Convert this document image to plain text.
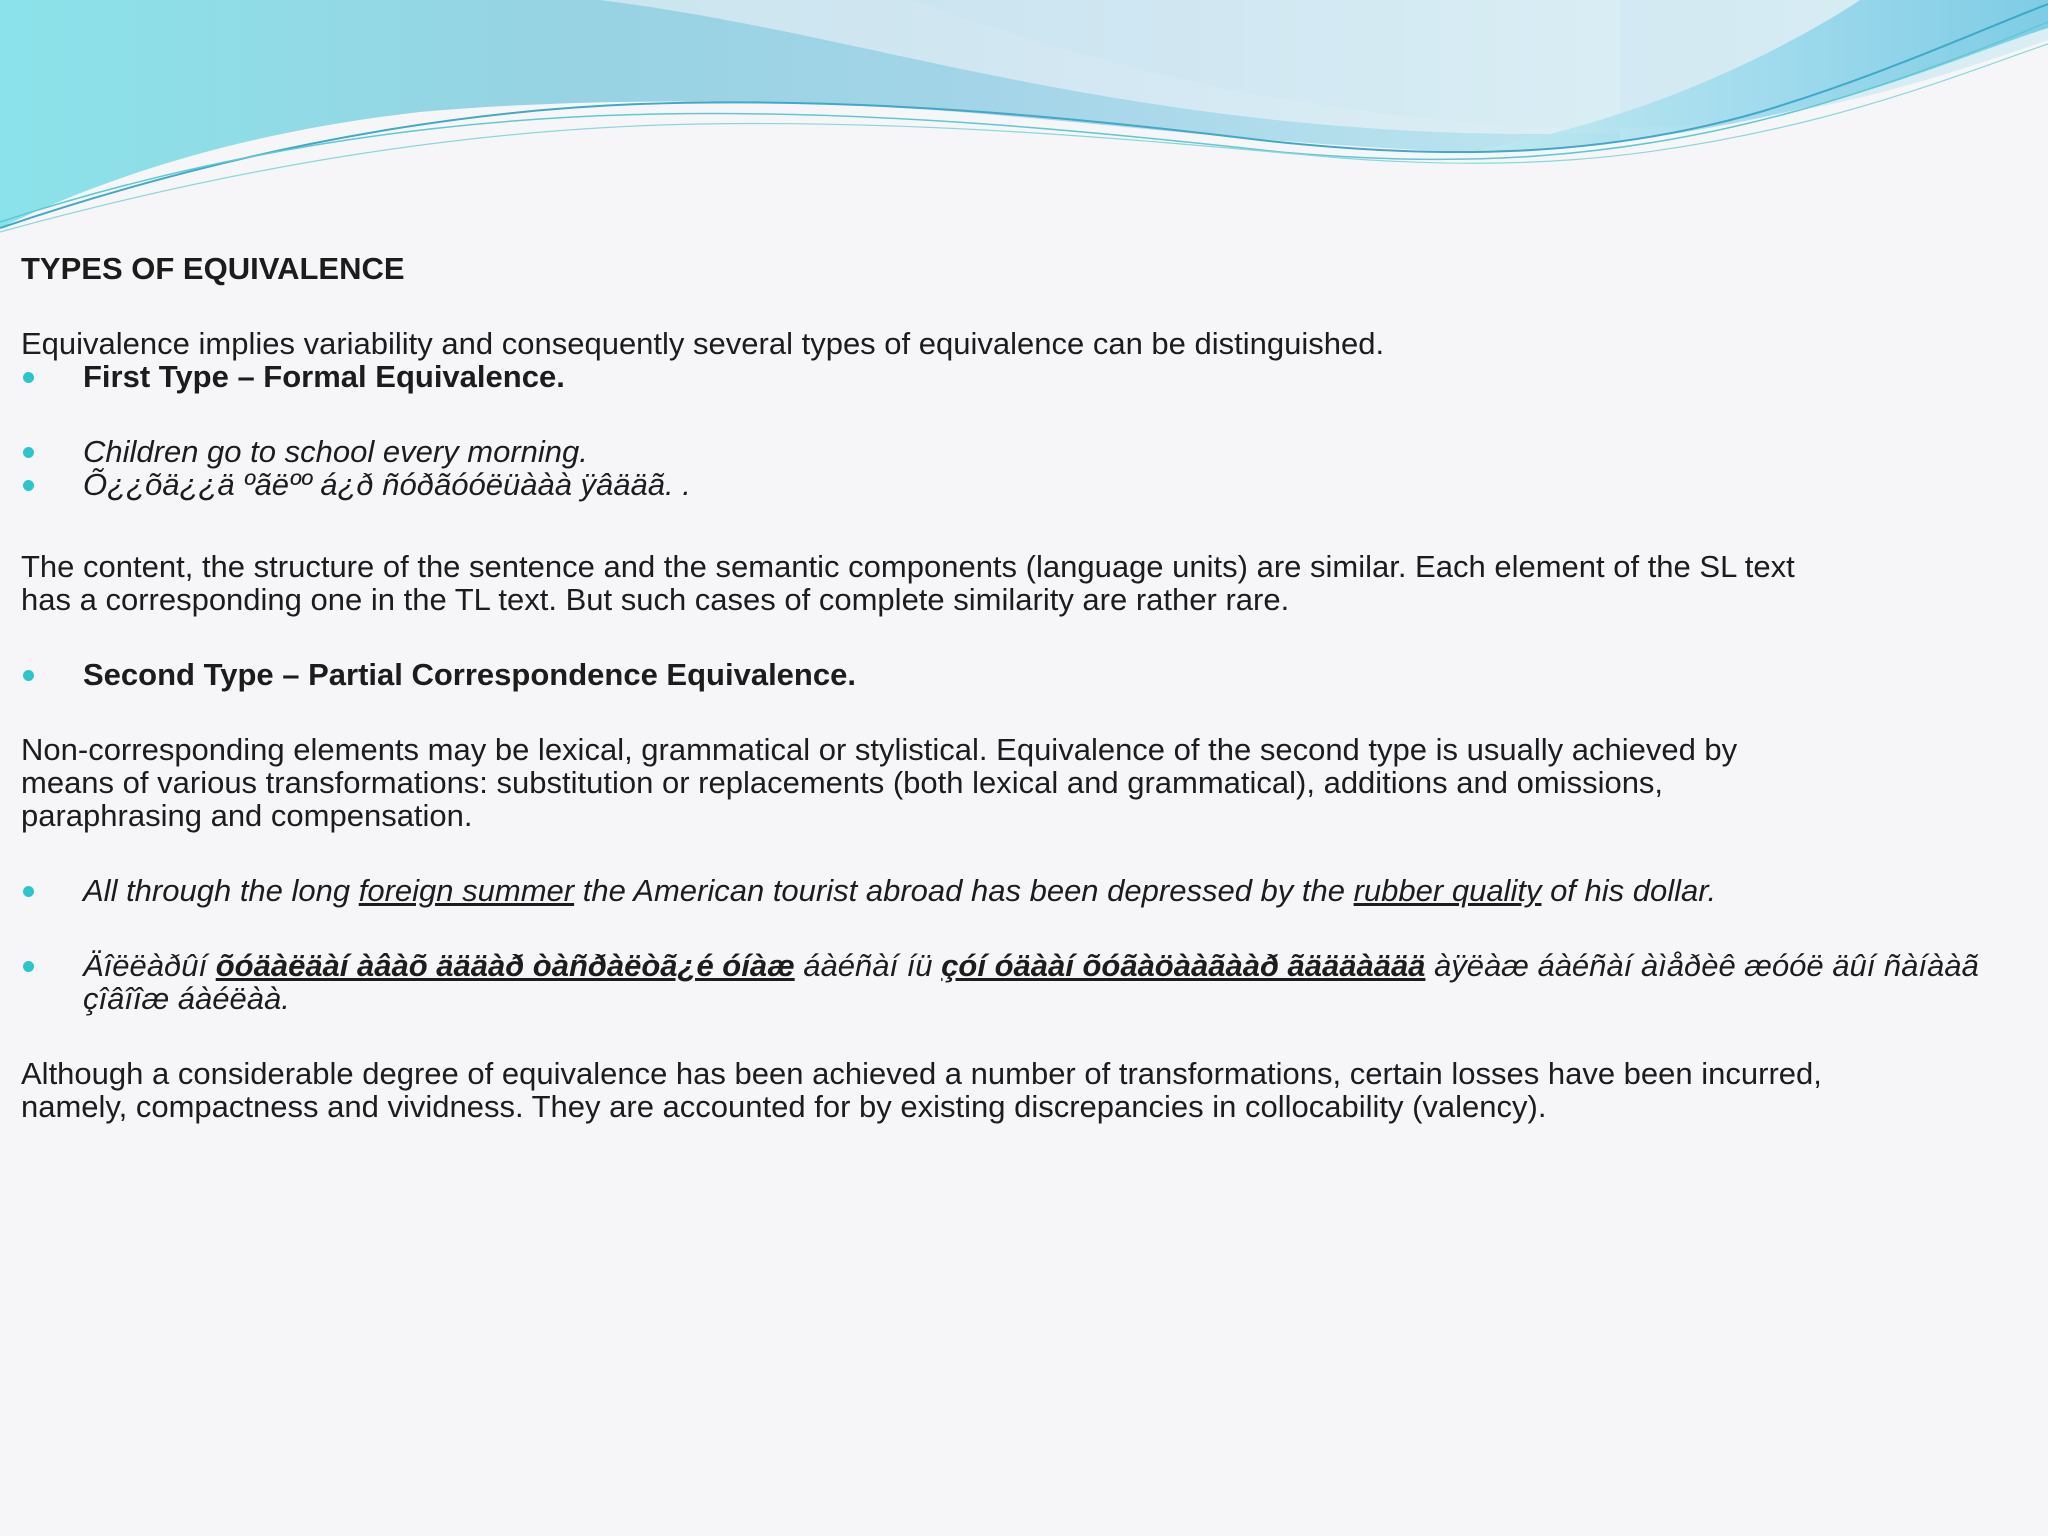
TYPES OF EQUIVALENCE

Equivalence implies variability and consequently several types of equivalence can be distinguished.

First Type – Formal Equivalence.

Children go to school every morning.

Õ¿¿õä¿¿ä ºãëºº á¿ð ñóðãóóëüààà ÿâääã. .

The content, the structure of the sentence and the semantic components (language units) are similar. Each element of the SL text

has a corresponding one in the TL text. But such cases of complete similarity are rather rare.

Second Type – Partial Correspondence Equivalence.

Non-corresponding elements may be lexical, grammatical or stylistical. Equivalence of the second type is usually achieved by

means of various transformations: substitution or replacements (both lexical and grammatical), additions and omissions,

paraphrasing and compensation.

All through the long foreign summer the American tourist abroad has been depressed by the rubber quality of his dollar.

Äîëëàðûí õóäàëäàí àâàõ äääàð òàñðàëòã¿é óíàæ áàéñàí íü çóí óäààí õóãàöààãààð ãäääàäää àÿëàæ áàéñàí àìåðèê æóóë äûí ñàíààã çîâîîæ áàéëàà.

Although a considerable degree of equivalence has been achieved a number of transformations, certain losses have been incurred,

namely, compactness and vividness. They are accounted for by existing discrepancies in collocability (valency).
